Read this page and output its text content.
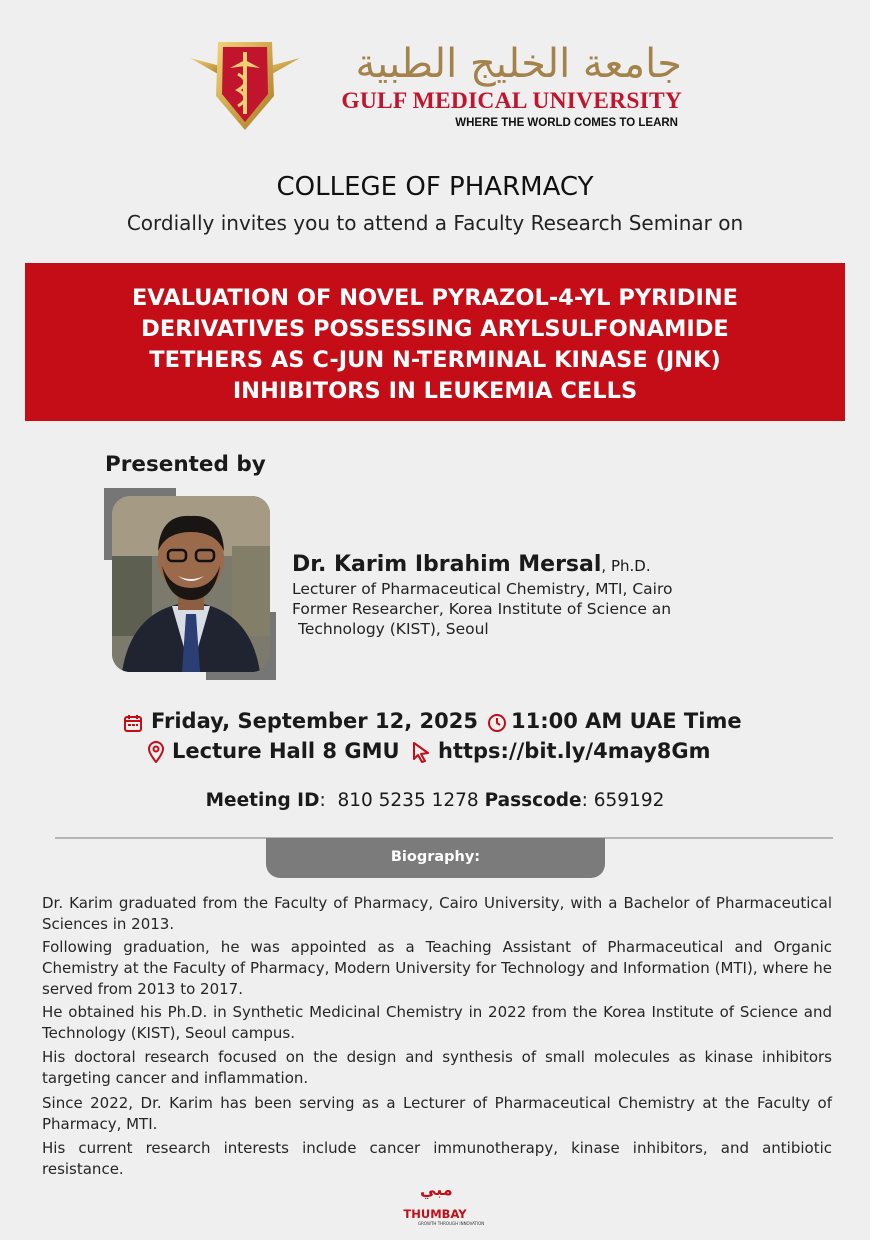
جامعة الخليج الطبية
GULF MEDICAL UNIVERSITY
WHERE THE WORLD COMES TO LEARN
COLLEGE OF PHARMACY
Cordially invites you to attend a Faculty Research Seminar on
EVALUATION OF NOVEL PYRAZOL-4-YL PYRIDINE
DERIVATIVES POSSESSING ARYLSULFONAMIDE
TETHERS AS C-JUN N-TERMINAL KINASE (JNK)
INHIBITORS IN LEUKEMIA CELLS
Presented by
Dr. Karim Ibrahim Mersal, Ph.D.
Lecturer of Pharmaceutical Chemistry, MTI, Cairo
Former Researcher, Korea Institute of Science an
Technology (KIST), Seoul
Friday, September 12, 2025 11:00 AM UAE Time
Lecture Hall 8 GMU https://bit.ly/4may8Gm
Meeting ID:  810 5235 1278 Passcode: 659192
Biography:

Dr. Karim graduated from the Faculty of Pharmacy, Cairo University, with a Bachelor of Pharmaceutical Sciences in 2013.

Following graduation, he was appointed as a Teaching Assistant of Pharmaceutical and Organic Chemistry at the Faculty of Pharmacy, Modern University for Technology and Information (MTI), where he served from 2013 to 2017.

He obtained his Ph.D. in Synthetic Medicinal Chemistry in 2022 from the Korea Institute of Science and Technology (KIST), Seoul campus.

His doctoral research focused on the design and synthesis of small molecules as kinase inhibitors targeting cancer and inflammation.

Since 2022, Dr. Karim has been serving as a Lecturer of Pharmaceutical Chemistry at the Faculty of Pharmacy, MTI.

His current research interests include cancer immunotherapy, kinase inhibitors, and antibiotic resistance.

مبي
THUMBAY
GROWTH THROUGH INNOVATION
